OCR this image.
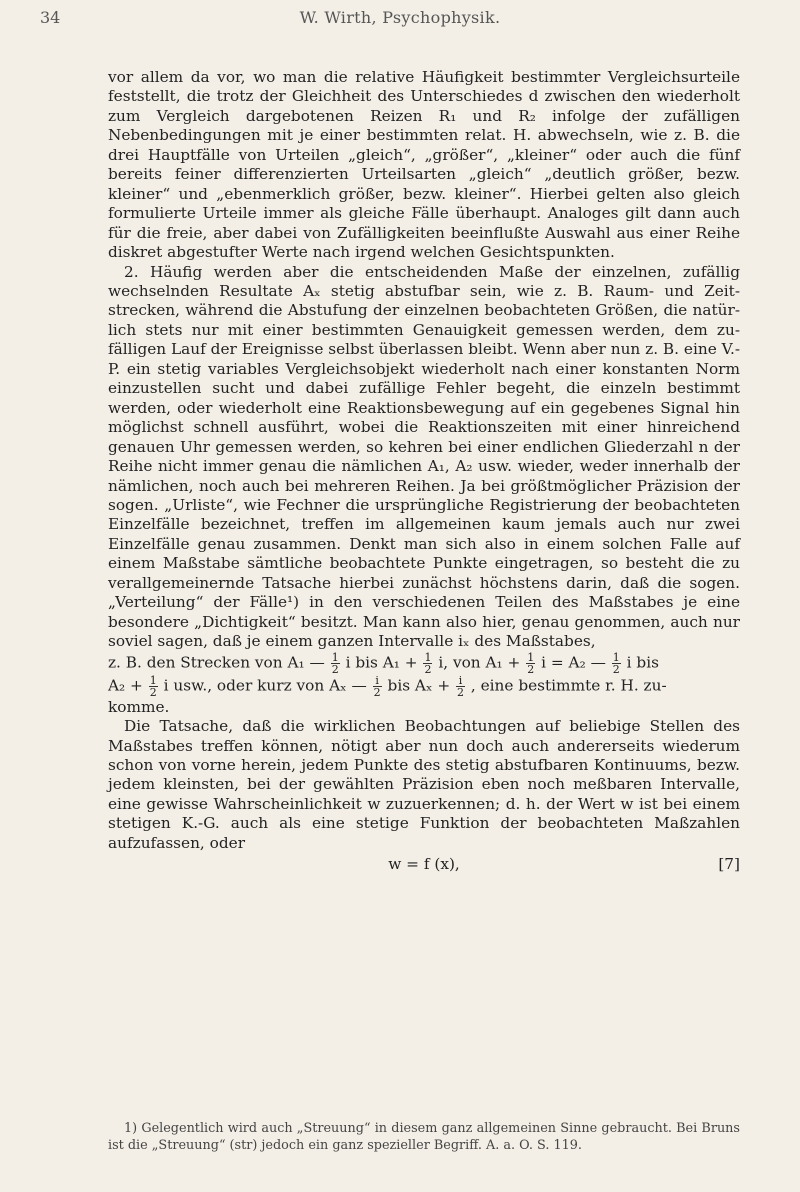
34	W. Wirth, Psychophysik.

vor allem da vor, wo man die relative Häufigkeit bestimmter Vergleichsurteile feststellt, die trotz der Gleichheit des Unterschiedes d zwischen den wiederholt zum Vergleich dargebotenen Reizen R₁ und R₂ infolge der zufälligen Nebenbedingungen mit je einer bestimmten relat. H. abwechseln, wie z. B. die drei Hauptfälle von Urteilen „gleich“, „größer“, „kleiner“ oder auch die fünf bereits feiner differenzierten Urteilsarten „gleich“ „deutlich größer, bezw. kleiner“ und „ebenmerklich größer, bezw. kleiner“. Hierbei gelten also gleich formulierte Urteile immer als gleiche Fälle überhaupt. Analoges gilt dann auch für die freie, aber dabei von Zufälligkeiten beeinflußte Auswahl aus einer Reihe diskret abgestufter Werte nach irgend welchen Gesichtspunkten.

2. Häufig werden aber die entscheidenden Maße der einzelnen, zufällig wechselnden Resultate Aₓ stetig abstufbar sein, wie z. B. Raum- und Zeitstrecken, während die Abstufung der einzelnen beobachteten Größen, die natürlich stets nur mit einer bestimmten Genauigkeit gemessen werden, dem zufälligen Lauf der Ereignisse selbst überlassen bleibt. Wenn aber nun z. B. eine V.-P. ein stetig variables Vergleichsobjekt wiederholt nach einer konstanten Norm einzustellen sucht und dabei zufällige Fehler begeht, die einzeln bestimmt werden, oder wiederholt eine Reaktionsbewegung auf ein gegebenes Signal hin möglichst schnell ausführt, wobei die Reaktionszeiten mit einer hinreichend genauen Uhr gemessen werden, so kehren bei einer endlichen Gliederzahl n der Reihe nicht immer genau die nämlichen A₁, A₂ usw. wieder, weder innerhalb der nämlichen, noch auch bei mehreren Reihen. Ja bei größtmöglicher Präzision der sogen. „Urliste“, wie Fechner die ursprüngliche Registrierung der beobachteten Einzelfälle bezeichnet, treffen im allgemeinen kaum jemals auch nur zwei Einzelfälle genau zusammen. Denkt man sich also in einem solchen Falle auf einem Maßstabe sämtliche beobachtete Punkte eingetragen, so besteht die zu verallgemeinernde Tatsache hierbei zunächst höchstens darin, daß die sogen. „Verteilung“ der Fälle¹) in den verschiedenen Teilen des Maßstabes je eine besondere „Dichtigkeit“ besitzt. Man kann also hier, genau genommen, auch nur soviel sagen, daß je einem ganzen Intervalle iₓ des Maßstabes,

z. B. den Strecken von A₁ — $\frac{1}{2}$ i bis $A_1 + \frac{1}{2} i$, von $A_1 + \frac{1}{2}$ i = A₂ — $\frac{1}{2}$ i bis

$A_2 + \frac{1}{2}$ i usw., oder kurz von Aₓ — $\frac{i}{2}$ bis $A_x + \frac{i}{2}$ , eine bestimmte r. H. zu-

komme.

Die Tatsache, daß die wirklichen Beobachtungen auf beliebige Stellen des Maßstabes treffen können, nötigt aber nun doch auch andererseits wiederum schon von vorne herein, jedem Punkte des stetig abstufbaren Kontinuums, bezw. jedem kleinsten, bei der gewählten Präzision eben noch meßbaren Intervalle, eine gewisse Wahrscheinlichkeit w zuzuerkennen; d. h. der Wert w ist bei einem stetigen K.-G. auch als eine stetige Funktion der beobachteten Maßzahlen aufzufassen, oder

w = f (x),	[7]

1) Gelegentlich wird auch „Streuung“ in diesem ganz allgemeinen Sinne gebraucht. Bei Bruns ist die „Streuung“ (str) jedoch ein ganz spezieller Begriff. A. a. O. S. 119.
